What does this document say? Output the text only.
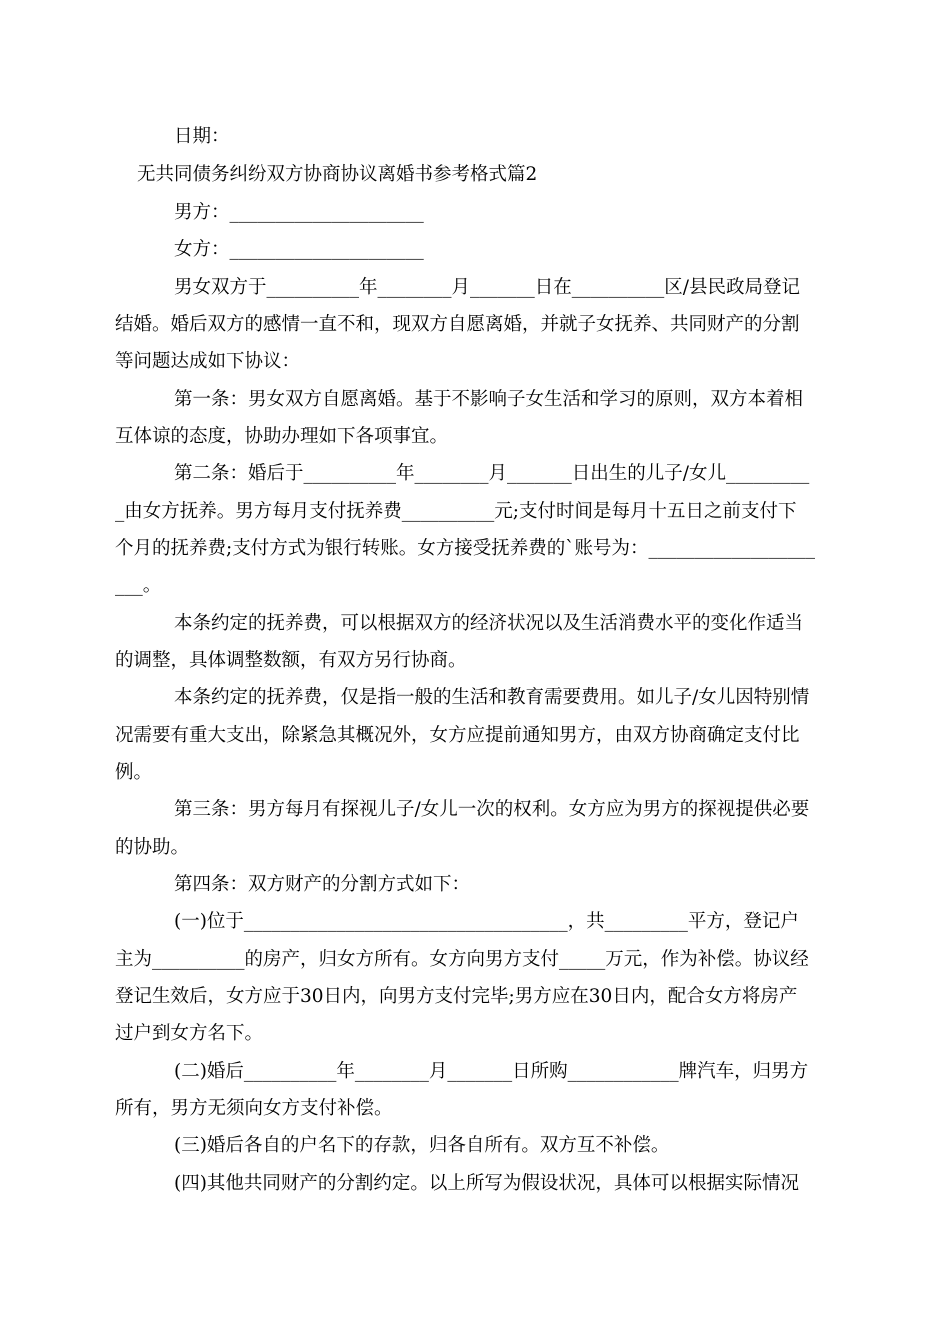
日期：
无共同债务纠纷双方协商协议离婚书参考格式篇2
男方：_____________________
女方：_____________________
男女双方于__________年________月_______日在__________区/县民政局登记
结婚。婚后双方的感情一直不和，现双方自愿离婚，并就子女抚养、共同财产的分割
等问题达成如下协议：
第一条：男女双方自愿离婚。基于不影响子女生活和学习的原则，双方本着相
互体谅的态度，协助办理如下各项事宜。
第二条：婚后于__________年________月_______日出生的儿子/女儿_________
_由女方抚养。男方每月支付抚养费__________元;支付时间是每月十五日之前支付下
个月的抚养费;支付方式为银行转账。女方接受抚养费的`账号为：__________________
___。
本条约定的抚养费，可以根据双方的经济状况以及生活消费水平的变化作适当
的调整，具体调整数额，有双方另行协商。
本条约定的抚养费，仅是指一般的生活和教育需要费用。如儿子/女儿因特别情
况需要有重大支出，除紧急其概况外，女方应提前通知男方，由双方协商确定支付比
例。
第三条：男方每月有探视儿子/女儿一次的权利。女方应为男方的探视提供必要
的协助。
第四条：双方财产的分割方式如下：
(一)位于___________________________________，共_________平方，登记户
主为__________的房产，归女方所有。女方向男方支付_____万元，作为补偿。协议经
登记生效后，女方应于30日内，向男方支付完毕;男方应在30日内，配合女方将房产
过户到女方名下。
(二)婚后__________年________月_______日所购____________牌汽车，归男方
所有，男方无须向女方支付补偿。
(三)婚后各自的户名下的存款，归各自所有。双方互不补偿。
(四)其他共同财产的分割约定。以上所写为假设状况，具体可以根据实际情况
